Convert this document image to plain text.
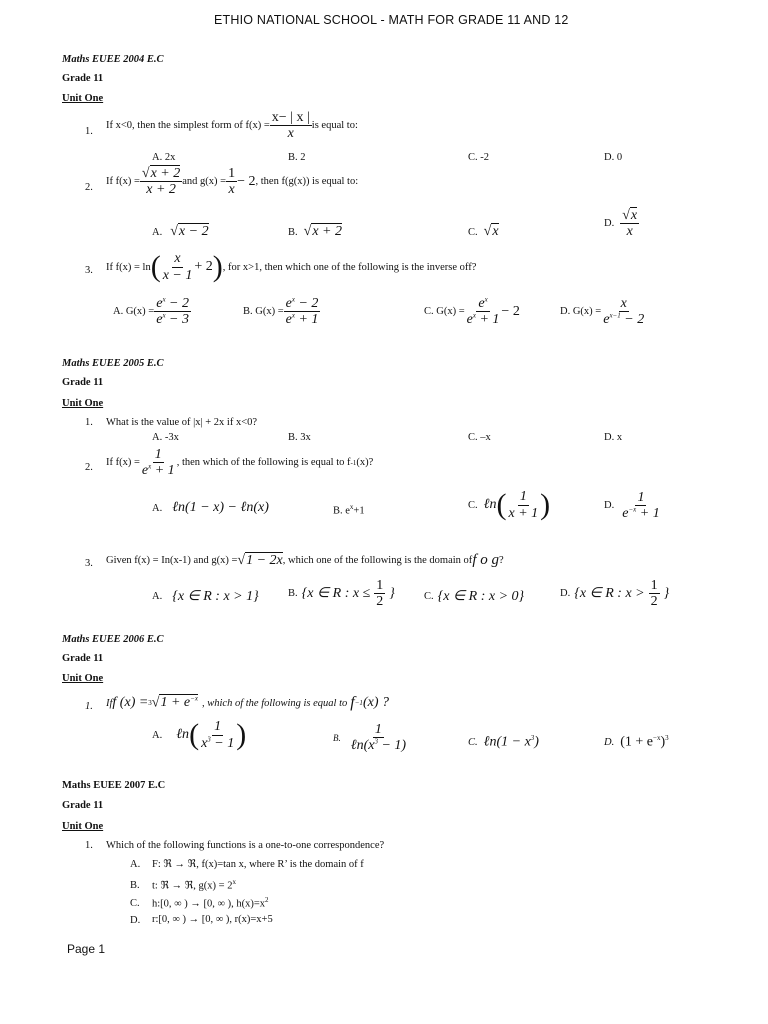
ETHIO NATIONAL SCHOOL - MATH FOR GRADE 11 AND 12
Maths EUEE 2004 E.C
Grade 11
Unit One
1.
If x<0, then the simplest form of $f(x) = \frac{x- | x |}{x}$ is equal to:
A. 2x	B. 2	C. -2	D. 0
2.
If $f(x) = \frac{√x + 2}{x + 2}$ and $g(x) = \frac{1}{x} - 2$ , then f(g(x)) is equal to:
A. √x − 2	B. √x + 2	C. √x
D. $\frac{√x}{x}$
3. If f(x) = ln ( $\frac{x}{x - 1} + 2$ ) , for x>1, then which one of the following is the inverse off?
A. $G(x) = \frac{e^x - 2}{e^x - 3}$	B. $G(x) = \frac{e^x - 2}{e^x + 1}$	C. $G(x) = \frac{e^x}{e^x + 1} - 2$	D. $G(x) = \frac{x}{e^{x-1} - 2}$
Maths EUEE 2005 E.C
Grade 11
Unit One
1. What is the value of |x| + 2x if x<0?
A. -3x	B. 3x	C. –x	D. x
2. If $f(x) = \frac{1}{e^x + 1}$ , then which of the following is equal to f -1 (x)?
A. ℓn(1 − x) − ℓn(x)	B. $e^x+1$
C. ℓn ( $\frac{1}{x + 1}$ )	D. $\frac{1}{e^{-x} + 1}$
3. Given f(x) = In(x-1) and g(x) = √1 − 2x , which one of the following is the domain of f o g ?
A. {x ∈ R : x > 1}	B. {x ∈ R : $x \le \frac{1}{2}$ }	C. {x ∈ R : x > 0}	D. {x ∈ R : $x > \frac{1}{2}$ }
Maths EUEE 2006 E.C
Grade 11
Unit One
1. If f (x) = 3 $√1 + e^{-x}$ , which of the following is equal to f −1 (x) ?
A. ℓn ( $\frac{1}{x^3 - 1}$ )	B. $\frac{1}{\ell n(x^3 - 1)}$	C. ℓn(1 − $x^3$)	D. $(1 + e^{-x})^3$
Maths EUEE 2007 E.C
Grade 11
Unit One
1. Which of the following functions is a one-to-one correspondence?
A. F: ℜ → ℜ, f(x)=tan x, where R’ is the domain of f
B. t: ℜ → ℜ, $g(x) = 2^x$
C. h:[0, ∞ ) → [0, ∞ ), $h(x)=x^2$
D. r:[0, ∞ ) → [0, ∞ ), r(x)=x+5
Page 1
